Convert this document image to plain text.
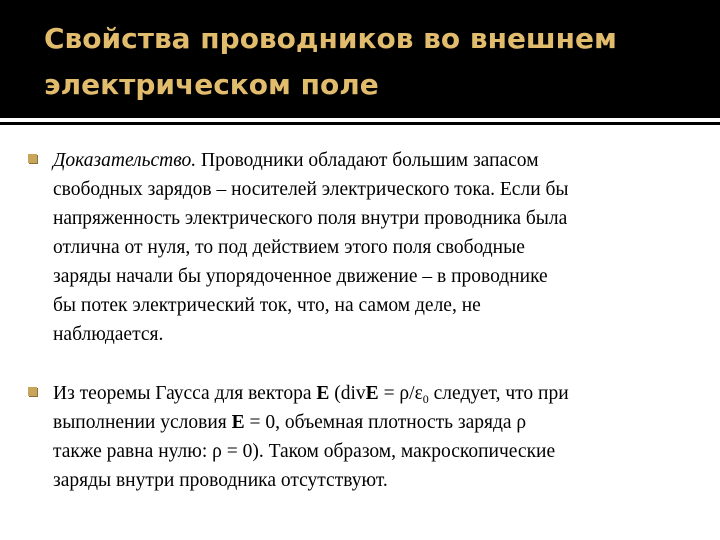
Свойства проводников во внешнем
электрическом поле
Доказательство. Проводники обладают большим запасом
свободных зарядов – носителей электрического тока. Если бы
напряженность электрического поля внутри проводника была
отлична от нуля, то под действием этого поля свободные
заряды начали бы упорядоченное движение – в проводнике
бы потек электрический ток, что, на самом деле, не
наблюдается.
Из теоремы Гаусса для вектора E (divE = $\rho/\varepsilon_0$ следует, что при
выполнении условия E = 0, объемная плотность заряда ρ
также равна нулю: ρ = 0). Таком образом, макроскопические
заряды внутри проводника отсутствуют.
